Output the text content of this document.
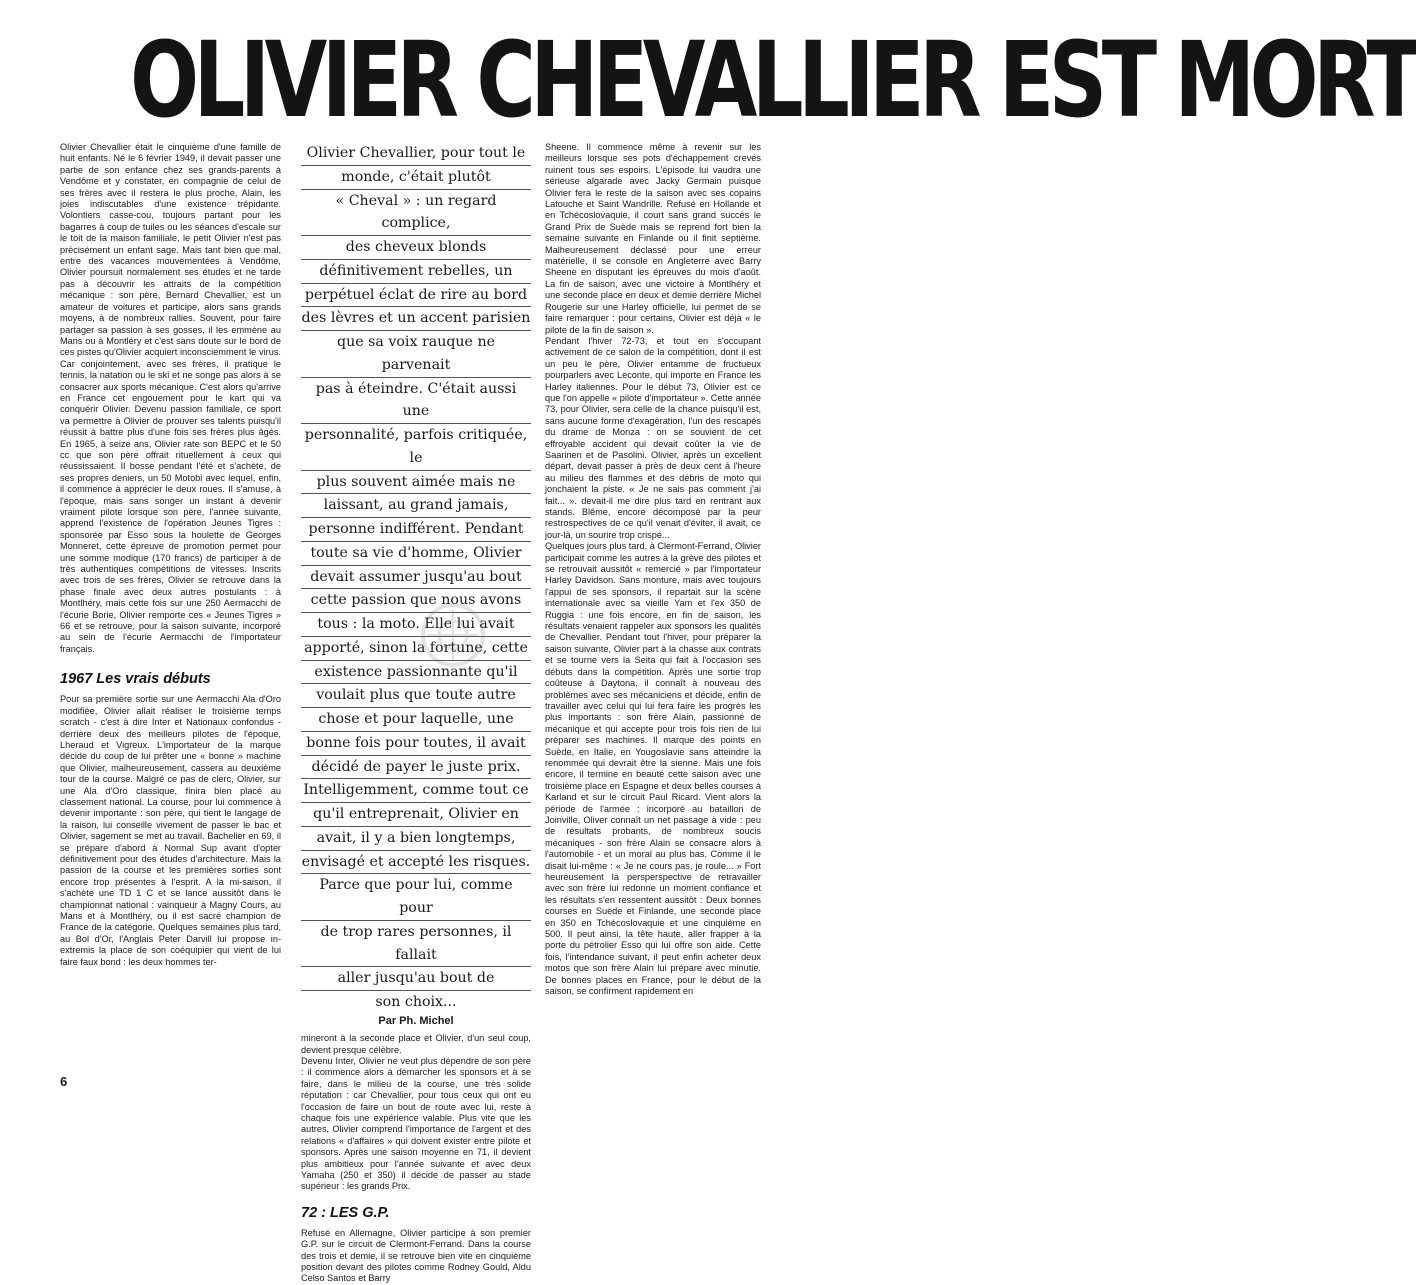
OLIVIER CHEVALLIER EST MORT

Olivier Chevallier était le cinquième d'une famille de huit enfants. Né le 6 février 1949, il devait passer une partie de son enfance chez ses grands-parents à Vendôme et y constater, en compagnie de celui de ses frères avec il restera le plus proche, Alain, les joies indiscutables d'une existence trépidante. Volontiers casse-cou, toujours partant pour les bagarres à coup de tuiles ou les séances d'escale sur le toit de la maison familiale, le petit Olivier n'est pas précisément un enfant sage. Mais tant bien que mal, entre des vacances mouvementées à Vendôme, Olivier poursuit normalement ses études et ne tarde pas à découvrir les attraits de la compétition mécanique : son père, Bernard Chevallier, est un amateur de voitures et participe, alors sans grands moyens, à de nombreux rallies. Souvent, pour faire partager sa passion à ses gosses, il les emmène au Mans ou à Montléry et c'est sans doute sur le bord de ces pistes qu'Olivier acquiert inconsciemment le virus. Car conjointement, avec ses frères, il pratique le tennis, la natation ou le ski et ne songe pas alors à se consacrer aux sports mécanique. C'est alors qu'arrive en France cet engouement pour le kart qui va conquérir Olivier. Devenu passion familiale, ce sport va permettre à Olivier de prouver ses talents puisqu'il réussit à battre plus d'une fois ses frères plus âgés. En 1965, à seize ans, Olivier rate son BEPC et le 50 cc que son père offrait rituellement à ceux qui réussissaient. Il bosse pendant l'été et s'achète, de ses propres deniers, un 50 Motobi avec lequel, enfin, il commence à apprécier le deux roues. Il s'amuse, à l'époque, mais sans songer un instant à devenir vraiment pilote lorsque son père, l'année suivante, apprend l'existence de l'opération Jeunes Tigres : sponsorée par Esso sous la houlette de Georges Monneret, cette épreuve de promotion permet pour une somme modique (170 francs) de participer à de très authentiques compétitions de vitesses. Inscrits avec trois de ses frères, Olivier se retrouve dans la phase finale avec deux autres postulants : à Montlhéry, mais cette fois sur une 250 Aermacchi de l'écurie Borie, Olivier remporte ces « Jeunes Tigres » 66 et se retrouve, pour la saison suivante, incorporé au sein de l'écurie Aermacchi de l'importateur français.

1967 Les vrais débuts

Pour sa première sortie sur une Aermacchi Ala d'Oro modifiée, Olivier allait réaliser le troisième temps scratch - c'est à dire Inter et Nationaux confondus - derrière deux des meilleurs pilotes de l'époque, Lheraud et Vigreux. L'importateur de la marque décide du coup de lui prêter une « bonne » machine que Olivier, malheureusement, cassera au deuxième tour de la course. Malgré ce pas de clerc, Olivier, sur une Ala d'Oro classique, finira bien placé au classement national. La course, pour lui commence à devenir importante : son père, qui tient le langage de la raison, lui conseille vivement de passer le bac et Olivier, sagement se met au travail. Bachelier en 69, il se prépare d'abord à Normal Sup avant d'opter définitivement pour des études d'architecture. Mais la passion de la course et les premières sorties sont encore trop présentes à l'esprit. A la mi-saison, il s'achète une TD 1 C et se lance aussitôt dans le championnat national : vainqueur à Magny Cours, au Mans et à Montlhéry, ou il est sacré champion de France de la catégorie. Quelques semaines plus tard, au Bol d'Or, l'Anglais Peter Darvill lui propose in-extremis la place de son coéquipier qui vient de lui faire faux bond : les deux hommes ter-

Olivier Chevallier, pour tout le
monde, c'était plutôt
« Cheval » : un regard complice,
des cheveux blonds
définitivement rebelles, un
perpétuel éclat de rire au bord
des lèvres et un accent parisien
que sa voix rauque ne parvenait
pas à éteindre. C'était aussi une
personnalité, parfois critiquée, le
plus souvent aimée mais ne
laissant, au grand jamais,
personne indifférent. Pendant
toute sa vie d'homme, Olivier
devait assumer jusqu'au bout
cette passion que nous avons
tous : la moto. Elle lui avait
apporté, sinon la fortune, cette
existence passionnante qu'il
voulait plus que toute autre
chose et pour laquelle, une
bonne fois pour toutes, il avait
décidé de payer le juste prix.
Intelligemment, comme tout ce
qu'il entreprenait, Olivier en
avait, il y a bien longtemps,
envisagé et accepté les risques.
Parce que pour lui, comme pour
de trop rares personnes, il fallait
aller jusqu'au bout de
son choix...
Par Ph. Michel

mineront à la seconde place et Olivier, d'un seul coup, devient presque célèbre.

Devenu Inter, Olivier ne veut plus dépendre de son père : il commence alors à démarcher les sponsors et à se faire, dans le milieu de la course, une très solide réputation : car Chevallier, pour tous ceux qui ont eu l'occasion de faire un bout de route avec lui, reste à chaque fois une expérience valable. Plus vite que les autres, Olivier comprend l'importance de l'argent et des relations « d'affaires » qui doivent exister entre pilote et sponsors. Après une saison moyenne en 71, il devient plus ambitieux pour l'année suivante et avec deux Yamaha (250 et 350) il décide de passer au stade supérieur : les grands Prix.

72 : LES G.P.

Refusé en Allemagne, Olivier participe à son premier G.P. sur le circuit de Clermont-Ferrand. Dans la course des trois et demie, il se retrouve bien vite en cinquième position devant des pilotes comme Rodney Gould, Aldu Celso Santos et Barry

Sheene. Il commence même à revenir sur les meilleurs lorsque ses pots d'échappement crevés ruinent tous ses espoirs. L'épisode lui vaudra une sérieuse algarade avec Jacky Germain puisque Olivier fera le reste de la saison avec ses copains Latouche et Saint Wandrille. Refusé en Hollande et en Tchécoslovaquie, il court sans grand succès le Grand Prix de Suède mais se reprend fort bien la semaine suivante en Finlande ou il finit septième. Malheureusement déclassé pour une erreur matérielle, il se console en Angleterre avec Barry Sheene en disputant les épreuves du mois d'août. La fin de saison, avec une victoire à Montlhéry et une seconde place en deux et demie derrière Michel Rougerie sur une Harley officielle, lui permet de se faire remarquer : pour certains, Olivier est déjà « le pilote de la fin de saison ».

Pendant l'hiver 72-73, et tout en s'occupant activement de ce salon de la compétition, dont il est un peu le père, Olivier entamme de fructueux pourparlers avec Leconte, qui importe en France les Harley italiennes. Pour le début 73, Olivier est ce que l'on appelle « pilote d'importateur ». Cette année 73, pour Olivier, sera celle de la chance puisqu'il est, sans aucune forme d'exagération, l'un des rescapés du drame de Monza : on se souvient de cet effroyable accident qui devait coûter la vie de Saarinen et de Pasolini. Olivier, après un excellent départ, devait passer à près de deux cent à l'heure au milieu des flammes et des débris de moto qui jonchaient la piste. « Je ne sais pas comment j'ai fait... ». devait-il me dire plus tard en rentrant aux stands. Blême, encore décomposé par la peur restrospectives de ce qu'il venait d'éviter, il avait, ce jour-là, un sourire trop crispé...

Quelques jours plus tard, à Clermont-Ferrand, Olivier participait comme les autres à la grève des pilotes et se retrouvait aussitôt « remercié » par l'importateur Harley Davidson. Sans monture, mais avec toujours l'appui de ses sponsors, il repartait sur la scène internationale avec sa vieille Yam et l'ex 350 de Ruggia : une fois encore, en fin de saison, les résultats venaient rappeler aux sponsors les qualités de Chevallier. Pendant tout l'hiver, pour préparer la saison suivante, Olivier part à la chasse aux contrats et se tourne vers la Seita qui fait à l'occasion ses débuts dans la compétition. Après une sortie trop coûteuse à Daytona, il connaît à nouveau des problèmes avec ses mécaniciens et décide, enfin de travailler avec celui qui lui fera faire les progrès les plus importants : son frère Alain, passionné de mécanique et qui accepte pour trois fois rien de lui préparer ses machines. Il marque des points en Suède, en Italie, en Yougoslavie sans atteindre la renommée qui devrait être la sienne. Mais une fois encore, il termine en beauté cette saison avec une troisième place en Espagne et deux belles courses à Karland et sur le circuit Paul Ricard. Vient alors la période de l'armée : incorporé au bataillon de Joinville, Oliver connaît un net passage à vide : peu de résultats probants, de nombreux soucis mécaniques - son frère Alain se consacre alors à l'automobile - et un moral au plus bas. Comme il le disait lui-même : « Je ne cours pas, je roule... » Fort heureusement la persperspective de retravailler avec son frère lui redonne un moment confiance et les résultats s'en ressentent aussitôt : Deux bonnes courses en Suède et Finlande, une seconde place en 350 en Tchécoslovaquie et une cinquième en 500. Il peut ainsi, la tête haute, aller frapper à la porte du pétrolier Esso qui lui offre son aide. Cette fois, l'intendance suivant, il peut enfin acheter deux motos que son frère Alain lui prépare avec minutie. De bonnes places en France, pour le début de la saison, se confirment rapidement en

6
